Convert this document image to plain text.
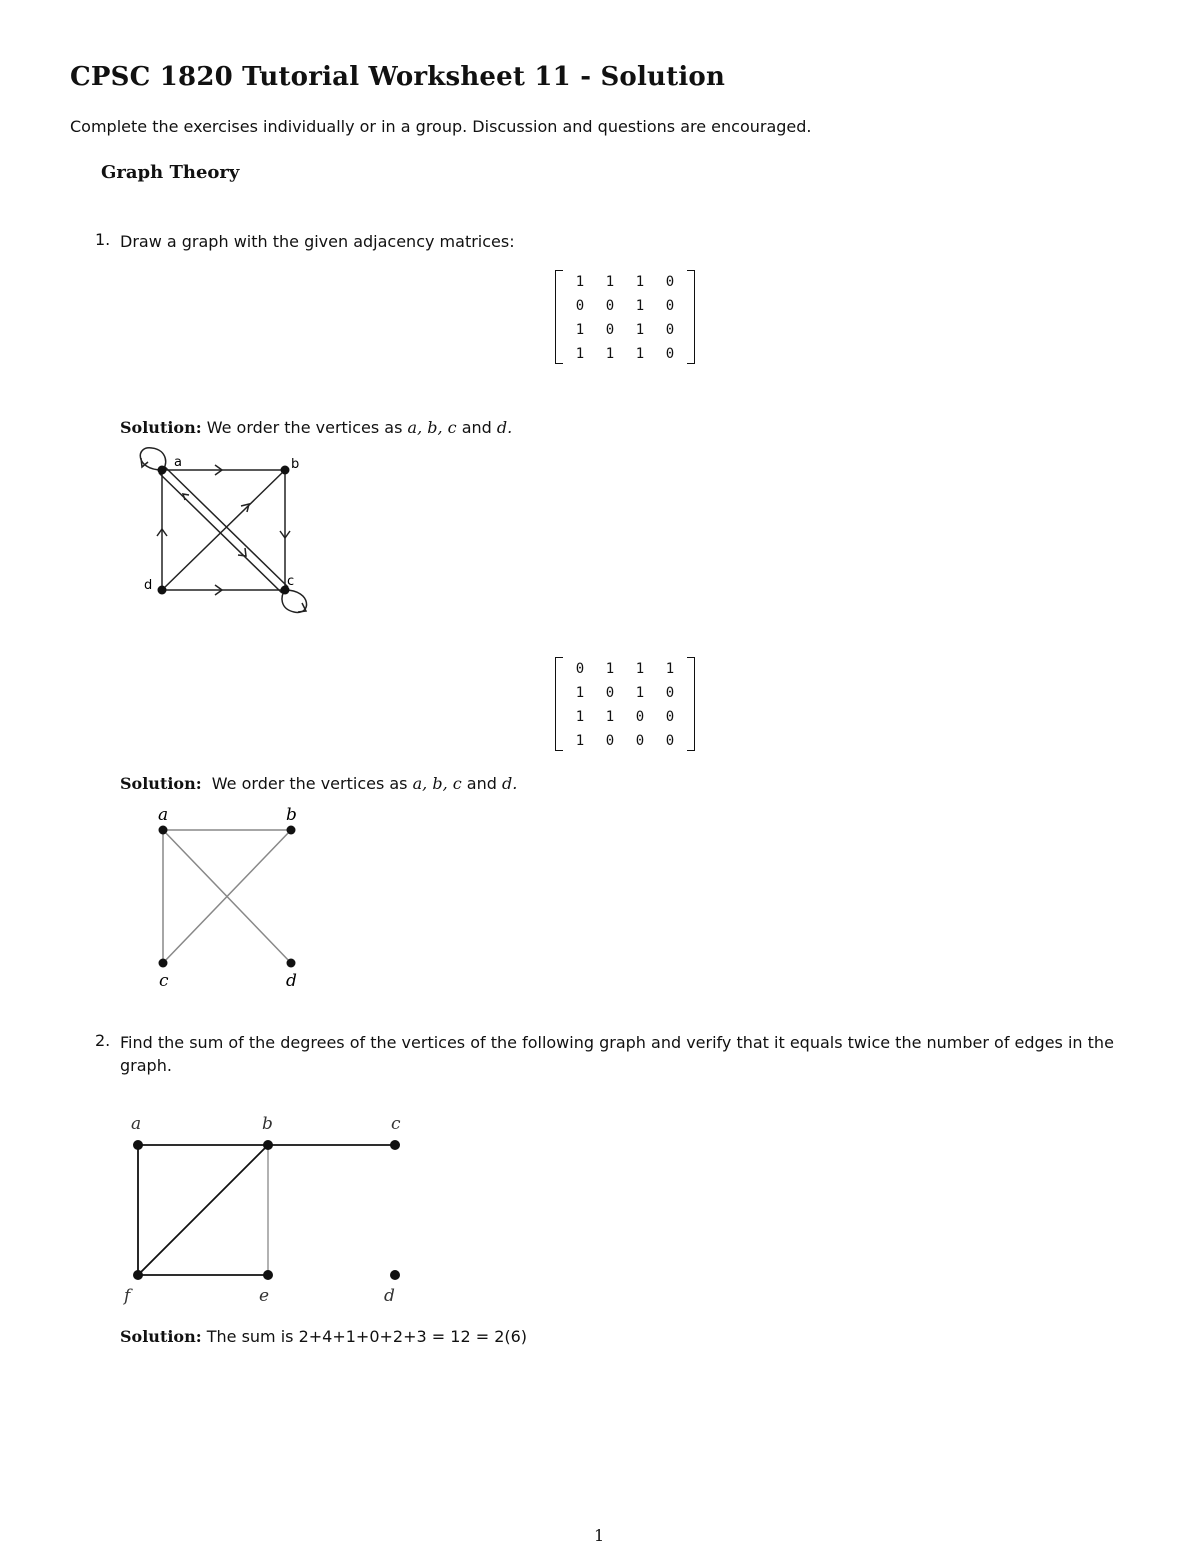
CPSC 1820 Tutorial Worksheet 11 - Solution
Complete the exercises individually or in a group. Discussion and questions are encouraged.
Graph Theory
1. Draw a graph with the given adjacency matrices:
1	1	1	0
0	0	1	0
1	0	1	0
1	1	1	0
Solution: We order the vertices as a, b, c and d.
a	b
c
d
0	1	1	1
1	0	1	0
1	1	0	0
1	0	0	0
Solution: We order the vertices as a, b, c and d.
a	b
c	d
2. Find the sum of the degrees of the vertices of the following graph and verify that it equals twice the number of edges in the graph.
a	b	c
d
e
f
Solution: The sum is 2+4+1+0+2+3 = 12 = 2(6)
1
